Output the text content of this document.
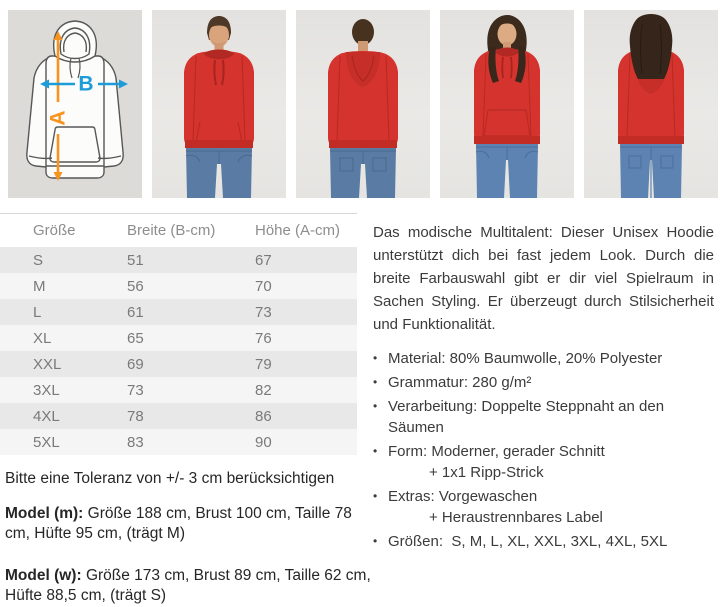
A
B
Größe	Breite (B-cm)	Höhe (A-cm)
S	51	67
M	56	70
L	61	73
XL	65	76
XXL	69	79
3XL	73	82
4XL	78	86
5XL	83	90

Das modische Multitalent: Dieser Unisex Hoodie unterstützt dich bei fast jedem Look. Durch die breite Farbauswahl gibt er dir viel Spielraum in Sachen Styling. Er überzeugt durch Stilsicherheit und Funktionalität.

•
Material: 80% Baumwolle, 20% Polyester
•
Grammatur: 280 g/m²
•
Verarbeitung: Doppelte Steppnaht an den Säumen
•
Form: Moderner, gerader Schnitt
+ 1x1 Ripp-Strick
•
Extras: Vorgewaschen
+ Heraustrennbares Label
•
Größen:  S, M, L, XL, XXL, 3XL, 4XL, 5XL

Bitte eine Toleranz von +/- 3 cm berücksichtigen

Model (m): Größe 188 cm, Brust 100 cm, Taille 78 cm, Hüfte 95 cm, (trägt M)

Model (w): Größe 173 cm, Brust 89 cm, Taille 62 cm, Hüfte 88,5 cm, (trägt S)
